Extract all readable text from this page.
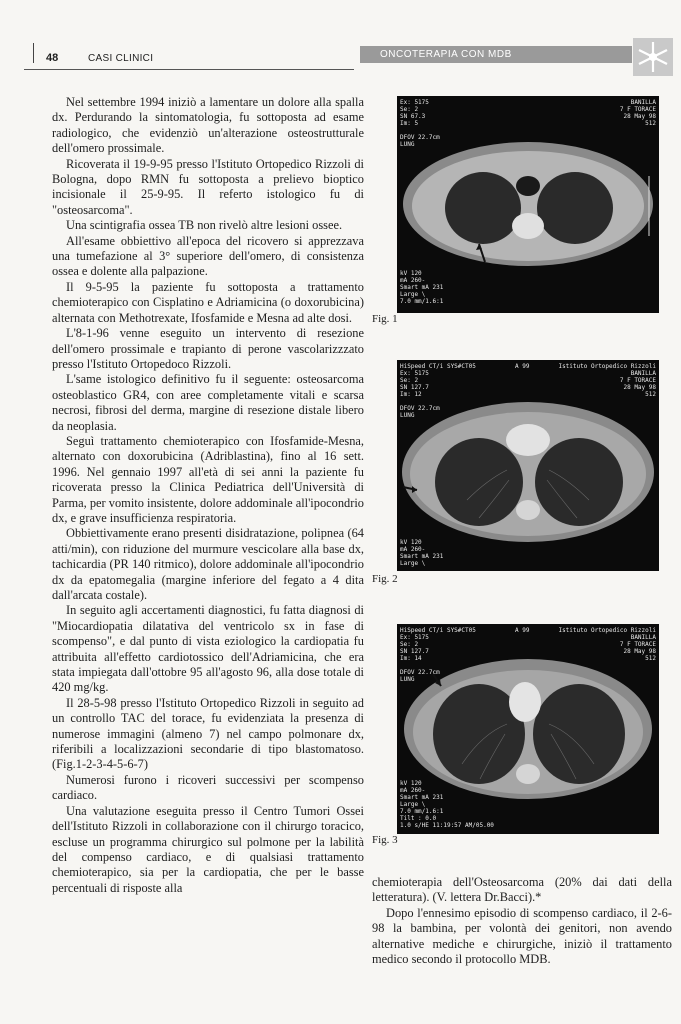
48	CASI CLINICI	ONCOTERAPIA CON MDB

Nel settembre 1994 iniziò a lamentare un dolore alla spalla dx. Perdurando la sintomatologia, fu sottoposta ad esame radiologico, che evidenziò un'alterazione osteostrutturale dell'omero prossimale.

Ricoverata il 19-9-95 presso l'Istituto Ortopedico Rizzoli di Bologna, dopo RMN fu sottoposta a prelievo bioptico incisionale il 25-9-95. Il referto istologico fu di "osteosarcoma".

Una scintigrafia ossea TB non rivelò altre lesioni ossee.

All'esame obbiettivo all'epoca del ricovero si apprezzava una tumefazione al 3° superiore dell'omero, di consistenza ossea e dolente alla palpazione.

Il 9-5-95 la paziente fu sottoposta a trattamento chemioterapico con Cisplatino e Adriamicina (o doxorubicina) alternata con Methotrexate, Ifosfamide e Mesna ad alte dosi.

L'8-1-96 venne eseguito un intervento di resezione dell'omero prossimale e trapianto di perone vascolarizzzato presso l'Istituto Ortopedoco Rizzoli.

L'same istologico definitivo fu il seguente: osteosarcoma osteoblastico GR4, con aree completamente vitali e scarsa necrosi, fibrosi del derma, margine di resezione distale libero da neoplasia.

Seguì trattamento chemioterapico con Ifosfamide-Mesna, alternato con doxorubicina (Adriblastina), fino al 16 sett. 1996. Nel gennaio 1997 all'età di sei anni la paziente fu ricoverata presso la Clinica Pediatrica dell'Università di Parma, per vomito insistente, dolore addominale all'ipocondrio dx, e grave insufficienza respiratoria.

Obbiettivamente erano presenti disidratazione, polipnea (64 atti/min), con riduzione del murmure vescicolare alla base dx, tachicardia (PR 140 ritmico), dolore addominale all'ipocondrio dx da epatomegalia (margine inferiore del fegato a 4 dita dall'arcata costale).

In seguito agli accertamenti diagnostici, fu fatta diagnosi di "Miocardiopatia dilatativa del ventricolo sx in fase di scompenso", e dal punto di vista eziologico la cardiopatia fu attribuita all'effetto cardiotossico dell'Adriamicina, che era stata impiegata dall'ottobre 95 all'agosto 96, alla dose totale di 420 mg/kg.

Il 28-5-98 presso l'Istituto Ortopedico Rizzoli in seguito ad un controllo TAC del torace, fu evidenziata la presenza di numerose immagini (almeno 7) nel campo polmonare dx, riferibili a localizzazioni secondarie di tipo blastomatoso.(Fig.1-2-3-4-5-6-7)

Numerosi furono i ricoveri successivi per scompenso cardiaco.

Una valutazione eseguita presso il Centro Tumori Ossei dell'Istituto Rizzoli in collaborazione con il chirurgo toracico, escluse un programma chirurgico sul polmone per la labilità del compenso cardiaco, e di qualsiasi trattamento chemioterapico, sia per la cardiopatia, che per le basse percentuali di risposte alla

Ex: 5175
Se: 2
SN 67.3
Im: 5
DFOV 22.7cm
LUNG
BANILLA
7 F TORACE
28 May 98
512
kV 120
mA 260-
Smart mA 231
Large \
7.0 mm/1.6:1
Fig. 1
HiSpeed CT/i SYS#CT05
Ex: 5175
Se: 2
SN 127.7
Im: 12
DFOV 22.7cm
LUNG
A 99	Istituto Ortopedico Rizzoli
BANILLA
7 F TORACE
28 May 98
512
kV 120
mA 260-
Smart mA 231
Large \
Fig. 2
HiSpeed CT/i SYS#CT05
Ex: 5175
Se: 2
SN 127.7
Im: 14
DFOV 22.7cm
LUNG
A 99	Istituto Ortopedico Rizzoli
BANILLA
7 F TORACE
28 May 98
512
kV 120
mA 260-
Smart mA 231
Large \
7.0 mm/1.6:1
Tilt : 0.0
1.0 s/HE 11:19:57 AM/05.00
Fig. 3

chemioterapia dell'Osteosarcoma (20% dai dati della letteratura). (V. lettera Dr.Bacci).*

Dopo l'ennesimo episodio di scompenso cardiaco, il 2-6-98 la bambina, per volontà dei genitori, non avendo alternative mediche e chirurgiche, iniziò il trattamento medico secondo il protocollo MDB.
